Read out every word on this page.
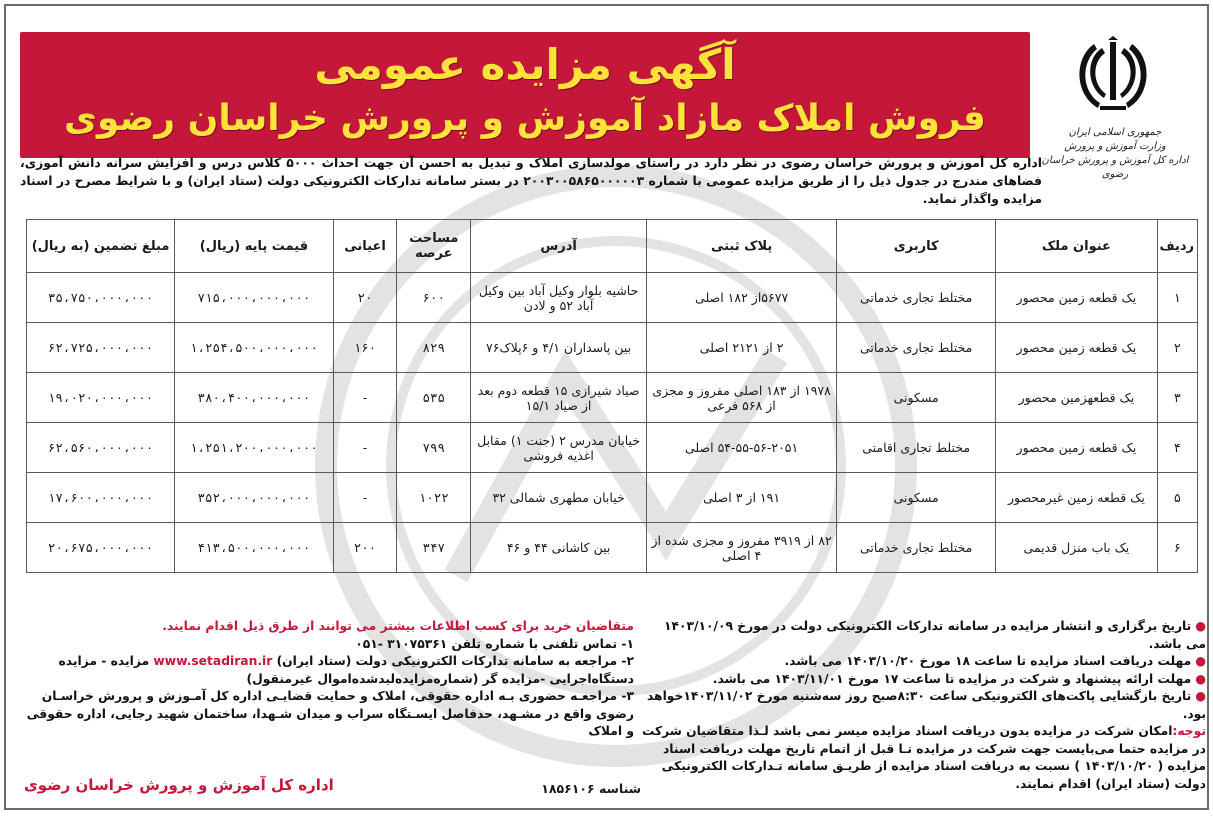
آگهی مزایده عمومی
فروش املاک مازاد آموزش و پرورش خراسان رضوی	جمهوری اسلامی ایران
وزارت آموزش و پرورش
اداره کل آموزش و پرورش خراسان رضوی
اداره کل آموزش و پرورش خراسان رضوی در نظر دارد در راستای مولدسازی املاک و تبدیل به احسن آن جهت احداث ۵۰۰۰ کلاس درس و افزایش سرانه دانش آموزی، فضاهای مندرج در جدول ذیل را از طریق مزایده عمومی با شماره ۲۰۰۳۰۰۵۸۶۵۰۰۰۰۰۳ در بستر سامانه تدارکات الکترونیکی دولت (ستاد ایران) و با شرایط مصرح در اسناد مزایده واگذار نماید.
ردیف	عنوان ملک	کاربری	پلاک ثبتی	آدرس	مساحت عرصه	اعیانی	قیمت پایه (ریال)	مبلغ تضمین (به ریال)
۱	یک قطعه زمین محصور	مختلط تجاری خدماتی	۵۶۷۷از ۱۸۲ اصلی	حاشیه بلوار وکیل آباد بین وکیل آباد ۵۲ و لادن	۶۰۰	۲۰	۷۱۵،۰۰۰،۰۰۰،۰۰۰	۳۵،۷۵۰،۰۰۰،۰۰۰
۲	یک قطعه زمین محصور	مختلط تجاری خدماتی	۲ از ۲۱۲۱ اصلی	بین پاسداران ۴/۱ و ۶پلاک۷۶	۸۲۹	۱۶۰	۱،۲۵۴،۵۰۰،۰۰۰،۰۰۰	۶۲،۷۲۵،۰۰۰،۰۰۰
۳	یک قطعهزمین محصور	مسکونی	۱۹۷۸ از ۱۸۳ اصلی مفروز و مجزی از ۵۶۸ فرعی	صیاد شیرازی ۱۵ قطعه دوم بعد از صیاد ۱۵/۱	۵۳۵	-	۳۸۰،۴۰۰،۰۰۰،۰۰۰	۱۹،۰۲۰،۰۰۰،۰۰۰
۴	یک قطعه زمین محصور	مختلط تجاری اقامتی	۵۴-۵۵-۵۶-۲۰۵۱ اصلی	خیابان مدرس ۲ (جنت ۱) مقابل اغذیه فروشی	۷۹۹	-	۱،۲۵۱،۲۰۰،۰۰۰،۰۰۰	۶۲،۵۶۰،۰۰۰،۰۰۰
۵	یک قطعه زمین غیرمحصور	مسکونی	۱۹۱ از ۳ اصلی	خیابان مطهری شمالی ۳۲	۱۰۲۲	-	۳۵۲،۰۰۰،۰۰۰،۰۰۰	۱۷،۶۰۰،۰۰۰،۰۰۰
۶	یک باب منزل قدیمی	مختلط تجاری خدماتی	۸۲ از ۳۹۱۹ مفروز و مجزی شده از ۴ اصلی	بین کاشانی ۴۴ و ۴۶	۳۴۷	۲۰۰	۴۱۳،۵۰۰،۰۰۰،۰۰۰	۲۰،۶۷۵،۰۰۰،۰۰۰
●تاریخ برگزاری و انتشار مزایده در سامانه تدارکات الکترونیکی دولت در مورخ ۱۴۰۳/۱۰/۰۹ می باشد.
●مهلت دریافت اسناد مزایده تا ساعت ۱۸ مورخ ۱۴۰۳/۱۰/۲۰ می باشد.
●مهلت ارائه پیشنهاد و شرکت در مزایده تا ساعت ۱۷ مورخ ۱۴۰۳/۱۱/۰۱ می باشد.
●تاریخ بازگشایی پاکت‌های الکترونیکی ساعت ۸:۳۰صبح روز سه‌شنبه مورخ ۱۴۰۳/۱۱/۰۲خواهد بود.
توجه:امکان شرکت در مزایده بدون دریافت اسناد مزایده میسر نمی باشد لـذا متقاضیان شرکت در مزایده حتما می‌بایست جهت شرکت در مزایده تـا قبل از اتمام تاریخ مهلت دریافت اسناد مزایده ( ۱۴۰۳/۱۰/۲۰ ) نسبت به دریافت اسناد مزایده از طریـق سامانه تـدارکات الکترونیکی دولت (ستاد ایران) اقدام نمایند.
متقاضیان خرید برای کسب اطلاعات بیشتر می توانند از طرق ذیل اقدام نمایند.
۱- تماس تلفنی با شماره تلفن ۳۱۰۷۵۳۶۱ -۰۵۱
۲- مراجعه به سامانه تدارکات الکترونیکی دولت (ستاد ایران) www.setadiran.ir مزایده - مزایده دستگاه‌اجرایی -مزایده گر (شماره‌مزایده‌لیدشده‌اموال غیرمنقول)
۳- مراجعـه حضوری بـه اداره حقوقی، املاک و حمایت قضایـی اداره کل آمـوزش و پرورش خراسـان رضوی واقع در مشـهد، حدفاصل ایسـتگاه سراب و میدان شـهدا، ساختمان شهید رجایی، اداره حقوقی و املاک
شناسه ۱۸۵۶۱۰۶
اداره کل آموزش و پرورش خراسان رضوی
